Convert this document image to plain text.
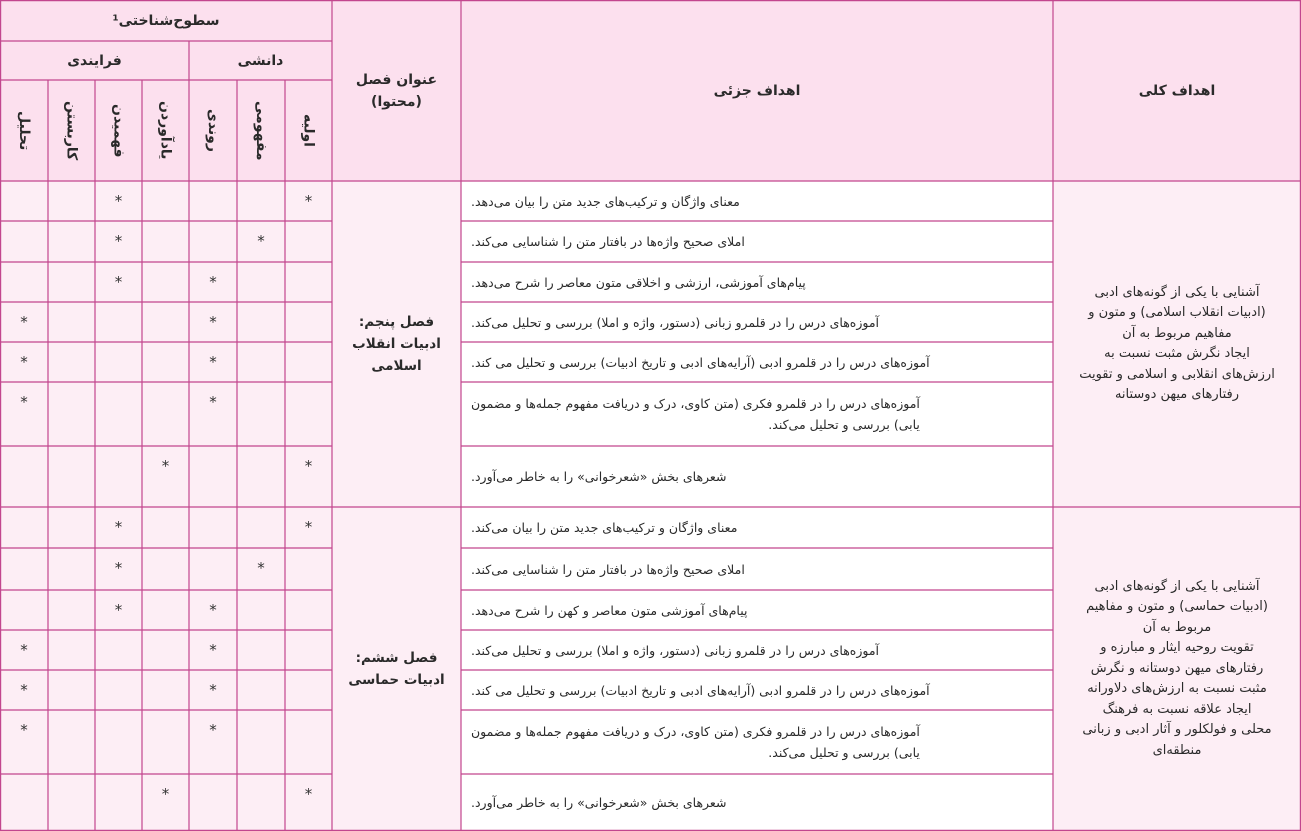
سطوح‌شناختی¹
دانشی
فرایندی
عنوان فصل
(محتوا)
اهداف جزئی	اهداف کلی
اولیه
مفهومی
روندی
یادآوردن
فهمیدن
کاربستن
تحلیل
فصل پنجم:
ادبیات انقلاب
اسلامی
آشنایی با یکی از گونه‌های ادبی
(ادبیات انقلاب اسلامی) و متون و
مفاهیم مربوط به آن
ایجاد نگرش مثبت نسبت به
ارزش‌های انقلابی و اسلامی و تقویت
رفتارهای میهن دوستانه
فصل ششم:
ادبیات حماسی
آشنایی با یکی از گونه‌های ادبی
(ادبیات حماسی) و متون و مفاهیم
مربوط به آن
تقویت روحیه ایثار و مبارزه و
رفتارهای میهن دوستانه و نگرش
مثبت نسبت به ارزش‌های دلاورانه
ایجاد علاقه نسبت به فرهنگ
محلی و فولکلور و آثار ادبی و زبانی
منطقه‌ای
معنای واژگان و ترکیب‌های جدید متن را بیان می‌دهد.
*
*
املای صحیح واژه‌ها در بافتار متن را شناسایی می‌کند.
*
*
پیام‌های آموزشی، ارزشی و اخلاقی متون معاصر را شرح می‌دهد.
*
*
آموزه‌های درس را در قلمرو زبانی (دستور، واژه و املا) بررسی و تحلیل می‌کند.
*
*
آموزه‌های درس را در قلمرو ادبی (آرایه‌های ادبی و تاریخ ادبیات) بررسی و تحلیل می کند.
*
*
آموزه‌های درس را در قلمرو فکری (متن کاوی، درک و دریافت مفهوم جمله‌ها و مضمون
یابی) بررسی و تحلیل می‌کند.
*
*
شعرهای بخش «شعرخوانی» را به خاطر می‌آورد.
*
*
معنای واژگان و ترکیب‌های جدید متن را بیان می‌کند.
*
*
املای صحیح واژه‌ها در بافتار متن را شناسایی می‌کند.
*
*
پیام‌های آموزشی متون معاصر و کهن را شرح می‌دهد.
*
*
آموزه‌های درس را در قلمرو زبانی (دستور، واژه و املا) بررسی و تحلیل می‌کند.
*
*
آموزه‌های درس را در قلمرو ادبی (آرایه‌های ادبی و تاریخ ادبیات) بررسی و تحلیل می کند.
*
*
آموزه‌های درس را در قلمرو فکری (متن کاوی، درک و دریافت مفهوم جمله‌ها و مضمون
یابی) بررسی و تحلیل می‌کند.
*
*
شعرهای بخش «شعرخوانی» را به خاطر می‌آورد.
*
*
